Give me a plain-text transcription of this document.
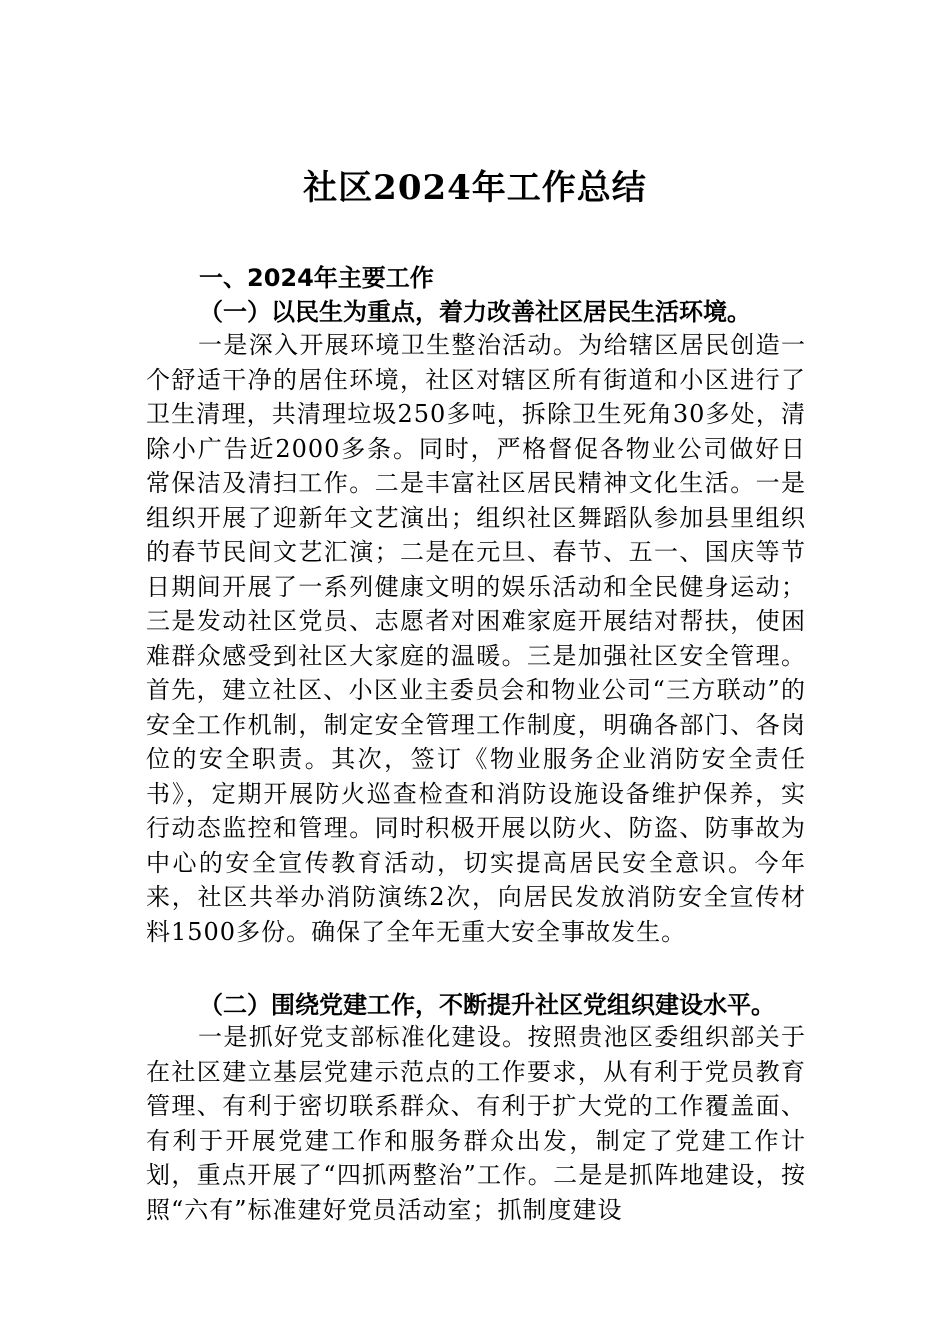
社区2024年工作总结
一、2024年主要工作
（一）以民生为重点，着力改善社区居民生活环境。
一是深入开展环境卫生整治活动。为给辖区居民创造一个舒适干净的居住环境，社区对辖区所有街道和小区进行了卫生清理，共清理垃圾250多吨，拆除卫生死角30多处，清除小广告近2000多条。同时，严格督促各物业公司做好日常保洁及清扫工作。二是丰富社区居民精神文化生活。一是组织开展了迎新年文艺演出；组织社区舞蹈队参加县里组织的春节民间文艺汇演；二是在元旦、春节、五一、国庆等节日期间开展了一系列健康文明的娱乐活动和全民健身运动；三是发动社区党员、志愿者对困难家庭开展结对帮扶，使困难群众感受到社区大家庭的温暖。三是加强社区安全管理。首先，建立社区、小区业主委员会和物业公司“三方联动”的安全工作机制，制定安全管理工作制度，明确各部门、各岗位的安全职责。其次，签订《物业服务企业消防安全责任书》，定期开展防火巡查检查和消防设施设备维护保养，实行动态监控和管理。同时积极开展以防火、防盗、防事故为中心的安全宣传教育活动，切实提高居民安全意识。今年来，社区共举办消防演练2次，向居民发放消防安全宣传材料1500多份。确保了全年无重大安全事故发生。
（二）围绕党建工作，不断提升社区党组织建设水平。
一是抓好党支部标准化建设。按照贵池区委组织部关于在社区建立基层党建示范点的工作要求，从有利于党员教育管理、有利于密切联系群众、有利于扩大党的工作覆盖面、有利于开展党建工作和服务群众出发，制定了党建工作计划，重点开展了“四抓两整治”工作。二是是抓阵地建设，按照“六有”标准建好党员活动室；抓制度建设
